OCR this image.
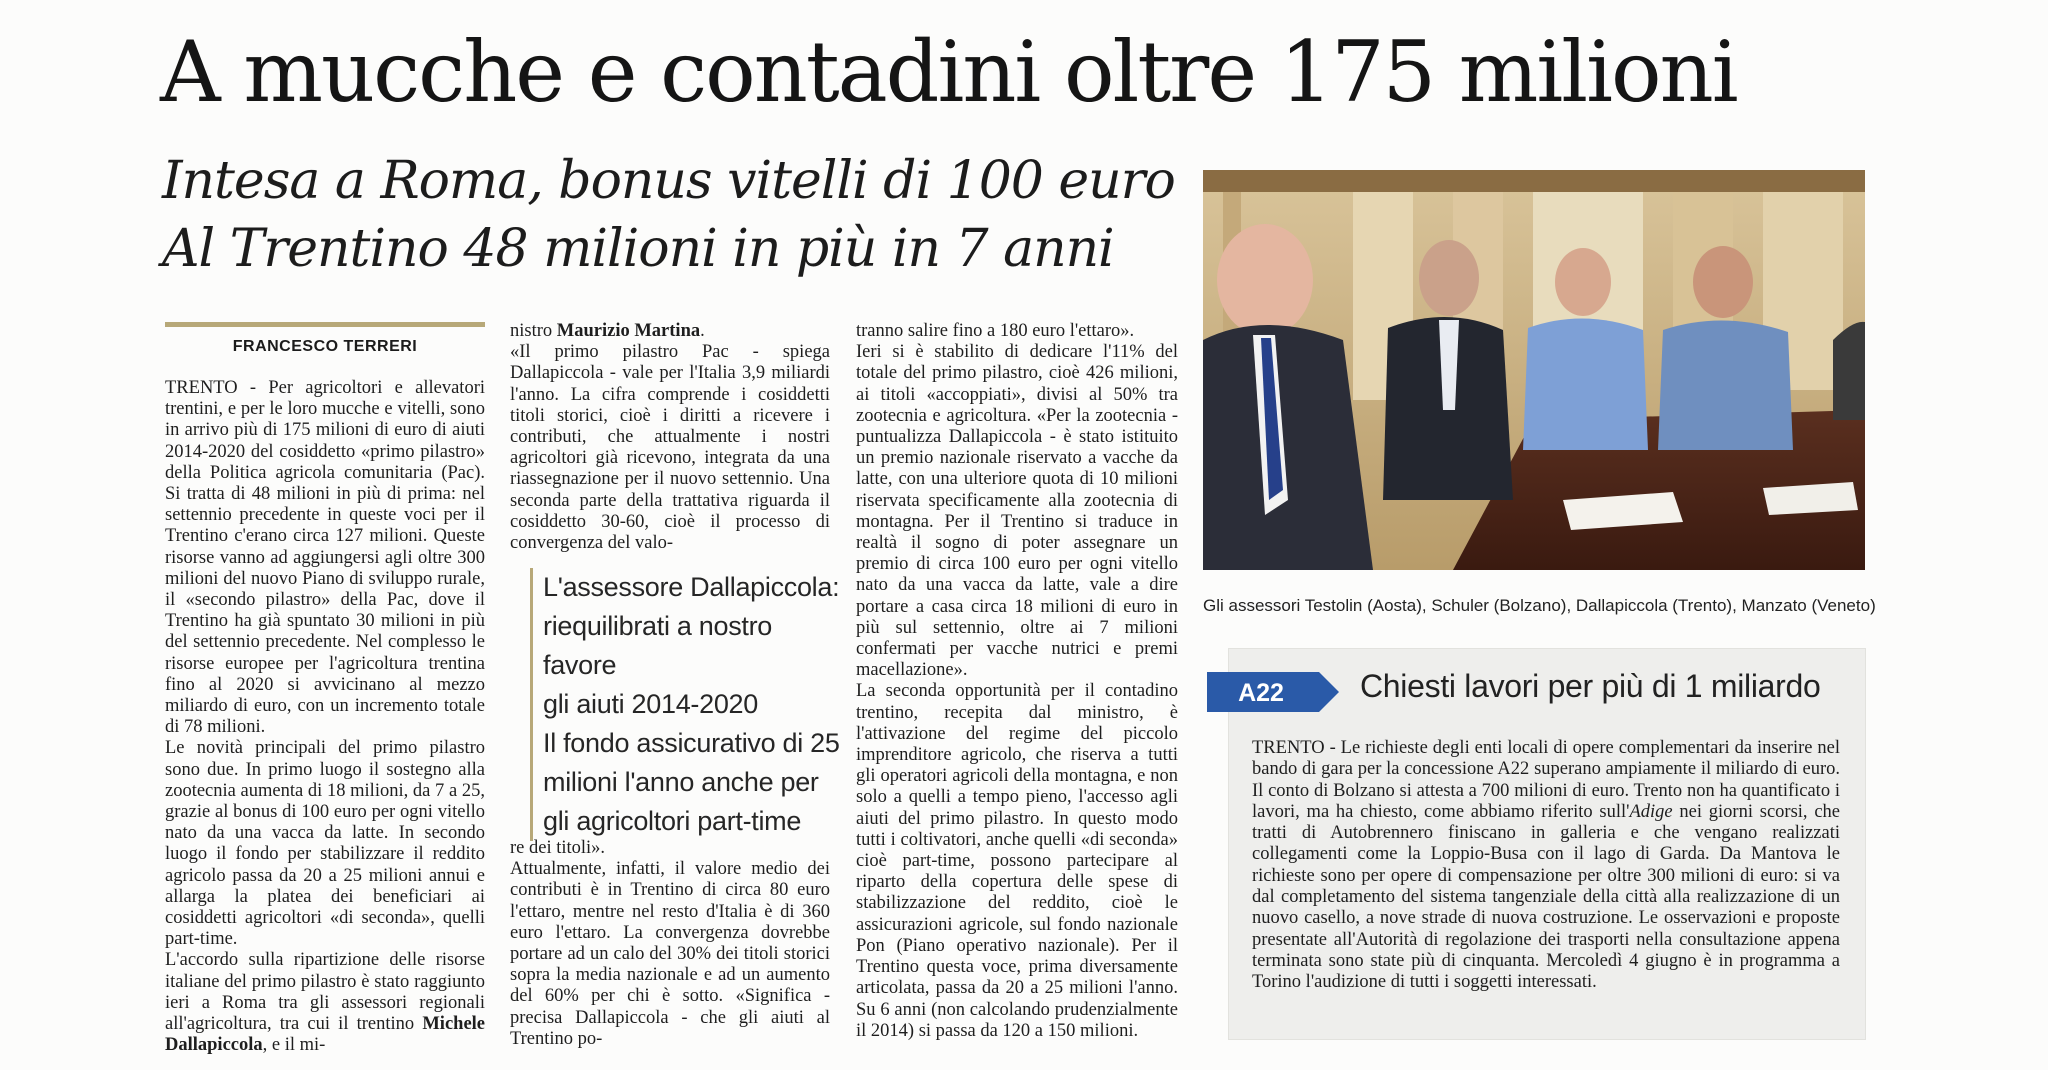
A mucche e contadini oltre 175 milioni
Intesa a Roma, bonus vitelli di 100 euro
Al Trentino 48 milioni in più in 7 anni
FRANCESCO TERRERI

TRENTO - Per agricoltori e allevatori trentini, e per le loro mucche e vitelli, sono in arrivo più di 175 milioni di euro di aiuti 2014-2020 del cosiddetto «primo pilastro» della Politica agricola comunitaria (Pac). Si tratta di 48 milioni in più di prima: nel settennio precedente in queste voci per il Trentino c'erano circa 127 milioni. Queste risorse vanno ad aggiungersi agli oltre 300 milioni del nuovo Piano di sviluppo rurale, il «secondo pilastro» della Pac, dove il Trentino ha già spuntato 30 milioni in più del settennio precedente. Nel complesso le risorse europee per l'agricoltura trentina fino al 2020 si avvicinano al mezzo miliardo di euro, con un incremento totale di 78 milioni.

Le novità principali del primo pilastro sono due. In primo luogo il sostegno alla zootecnia aumenta di 18 milioni, da 7 a 25, grazie al bonus di 100 euro per ogni vitello nato da una vacca da latte. In secondo luogo il fondo per stabilizzare il reddito agricolo passa da 20 a 25 milioni annui e allarga la platea dei beneficiari ai cosiddetti agricoltori «di seconda», quelli part-time.

L'accordo sulla ripartizione delle risorse italiane del primo pilastro è stato raggiunto ieri a Roma tra gli assessori regionali all'agricoltura, tra cui il trentino Michele Dallapiccola, e il mi-

nistro Maurizio Martina.

«Il primo pilastro Pac - spiega Dallapiccola - vale per l'Italia 3,9 miliardi l'anno. La cifra comprende i cosiddetti titoli storici, cioè i diritti a ricevere i contributi, che attualmente i nostri agricoltori già ricevono, integrata da una riassegnazione per il nuovo settennio. Una seconda parte della trattativa riguarda il cosiddetto 30-60, cioè il processo di convergenza del valo-

L'assessore Dallapiccola:
riequilibrati a nostro favore
gli aiuti 2014-2020
Il fondo assicurativo di 25
milioni l'anno anche per
gli agricoltori part-time

re dei titoli».

Attualmente, infatti, il valore medio dei contributi è in Trentino di circa 80 euro l'ettaro, mentre nel resto d'Italia è di 360 euro l'ettaro. La convergenza dovrebbe portare ad un calo del 30% dei titoli storici sopra la media nazionale e ad un aumento del 60% per chi è sotto. «Significa - precisa Dallapiccola - che gli aiuti al Trentino po-

tranno salire fino a 180 euro l'ettaro».

Ieri si è stabilito di dedicare l'11% del totale del primo pilastro, cioè 426 milioni, ai titoli «accoppiati», divisi al 50% tra zootecnia e agricoltura. «Per la zootecnia - puntualizza Dallapiccola - è stato istituito un premio nazionale riservato a vacche da latte, con una ulteriore quota di 10 milioni riservata specificamente alla zootecnia di montagna. Per il Trentino si traduce in realtà il sogno di poter assegnare un premio di circa 100 euro per ogni vitello nato da una vacca da latte, vale a dire portare a casa circa 18 milioni di euro in più sul settennio, oltre ai 7 milioni confermati per vacche nutrici e premi macellazione».

La seconda opportunità per il contadino trentino, recepita dal ministro, è l'attivazione del regime del piccolo imprenditore agricolo, che riserva a tutti gli operatori agricoli della montagna, e non solo a quelli a tempo pieno, l'accesso agli aiuti del primo pilastro. In questo modo tutti i coltivatori, anche quelli «di seconda» cioè part-time, possono partecipare al riparto della copertura delle spese di stabilizzazione del reddito, cioè le assicurazioni agricole, sul fondo nazionale Pon (Piano operativo nazionale). Per il Trentino questa voce, prima diversamente articolata, passa da 20 a 25 milioni l'anno. Su 6 anni (non calcolando prudenzialmente il 2014) si passa da 120 a 150 milioni.

Gli assessori Testolin (Aosta), Schuler (Bolzano), Dallapiccola (Trento), Manzato (Veneto)
A22 Chiesti lavori per più di 1 miliardo

TRENTO - Le richieste degli enti locali di opere complementari da inserire nel bando di gara per la concessione A22 superano ampiamente il miliardo di euro. Il conto di Bolzano si attesta a 700 milioni di euro. Trento non ha quantificato i lavori, ma ha chiesto, come abbiamo riferito sull'Adige nei giorni scorsi, che tratti di Autobrennero finiscano in galleria e che vengano realizzati collegamenti come la Loppio-Busa con il lago di Garda. Da Mantova le richieste sono per opere di compensazione per oltre 300 milioni di euro: si va dal completamento del sistema tangenziale della città alla realizzazione di un nuovo casello, a nove strade di nuova costruzione. Le osservazioni e proposte presentate all'Autorità di regolazione dei trasporti nella consultazione appena terminata sono state più di cinquanta. Mercoledì 4 giugno è in programma a Torino l'audizione di tutti i soggetti interessati.
